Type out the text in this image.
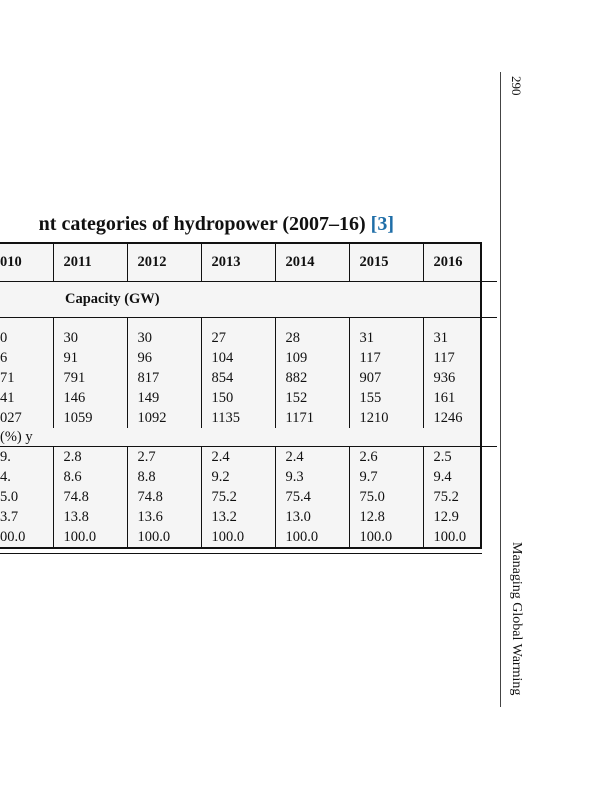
290
Managing Global Warming
nt categories of hydropower (2007–16) [3]
010	2011	2012	2013	2014	2015	2016
Capacity (GW)						
0	30	30	27	28	31	31
6	91	96	104	109	117	117
71	791	817	854	882	907	936
41	146	149	150	152	155	161
027	1059	1092	1135	1171	1210	1246
y (%)						
.9	2.8	2.7	2.4	2.4	2.6	2.5
.4	8.6	8.8	9.2	9.3	9.7	9.4
5.0	74.8	74.8	75.2	75.4	75.0	75.2
3.7	13.8	13.6	13.2	13.0	12.8	12.9
00.0	100.0	100.0	100.0	100.0	100.0	100.0
